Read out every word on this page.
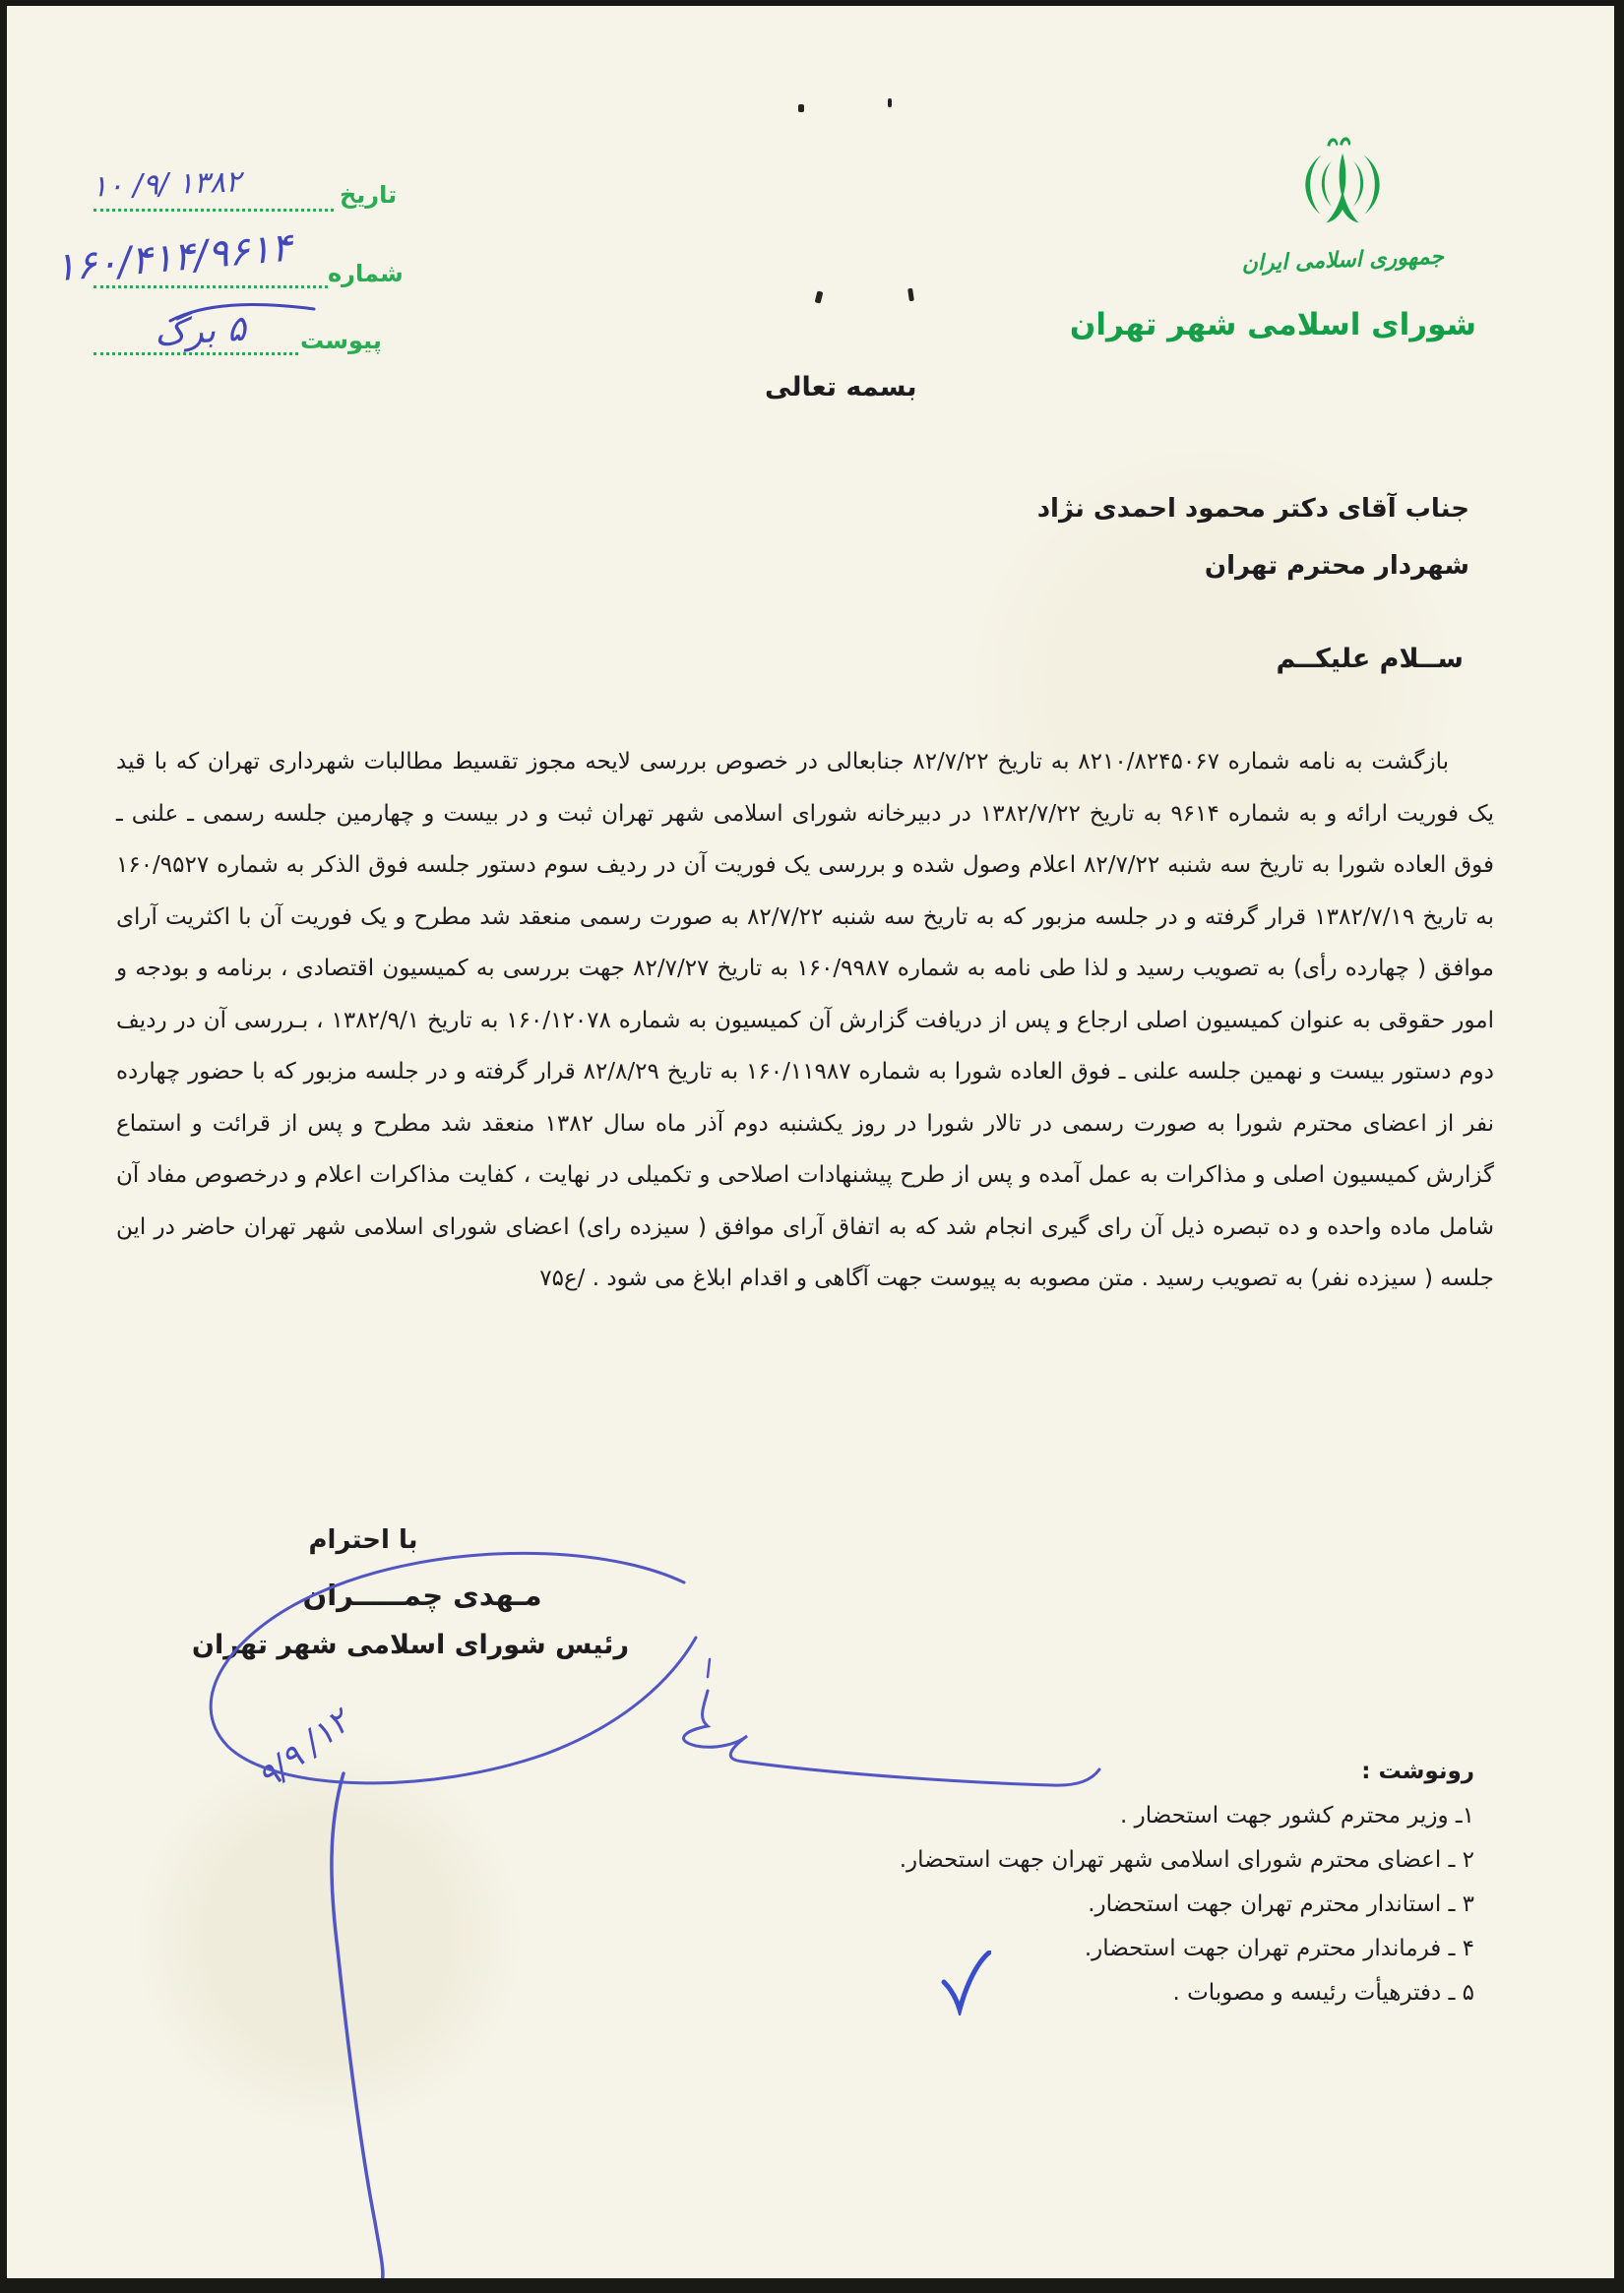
جمهوری اسلامی ایران
شورای اسلامی شهر تهران
تاریخ
۱۳۸۲ /۹/ ۱۰
شماره
۱۶۰/۴۱۴/۹۶۱۴
پیوست
۵ برگ
بسمه تعالی
جناب آقای دکتر محمود احمدی نژاد
شهردار محترم تهران
ســلام علیکــم

بازگشت به نامه شماره ۸۲۱۰/۸۲۴۵۰۶۷ به تاریخ ۸۲/۷/۲۲ جنابعالی در خصوص بررسی لایحه مجوز تقسیط مطالبات شهرداری تهران که با قید یک فوریت ارائه و به شماره ۹۶۱۴ به تاریخ ۱۳۸۲/۷/۲۲ در دبیرخانه شورای اسلامی شهر تهران ثبت و در بیست و چهارمین جلسه رسمی ـ علنی ـ فوق العاده شورا به تاریخ سه شنبه ۸۲/۷/۲۲ اعلام وصول شده و بررسی یک فوریت آن در ردیف سوم دستور جلسه فوق الذکر به شماره ۱۶۰/۹۵۲۷ به تاریخ ۱۳۸۲/۷/۱۹ قرار گرفته و در جلسه مزبور که به تاریخ سه شنبه ۸۲/۷/۲۲ به صورت رسمی منعقد شد مطرح و یک فوریت آن با اکثریت آرای موافق ( چهارده رأی) به تصویب رسید و لذا طی نامه به شماره ۱۶۰/۹۹۸۷ به تاریخ ۸۲/۷/۲۷ جهت بررسی به کمیسیون اقتصادی ، برنامه و بودجه و امور حقوقی به عنوان کمیسیون اصلی ارجاع و پس از دریافت گزارش آن کمیسیون به شماره ۱۶۰/۱۲۰۷۸ به تاریخ ۱۳۸۲/۹/۱ ، بـررسی آن در ردیف دوم دستور بیست و نهمین جلسه علنی ـ فوق العاده شورا به شماره ۱۶۰/۱۱۹۸۷ به تاریخ ۸۲/۸/۲۹ قرار گرفته و در جلسه مزبور که با حضور چهارده نفر از اعضای محترم شورا به صورت رسمی در تالار شورا در روز یکشنبه دوم آذر ماه سال ۱۳۸۲ منعقد شد مطرح و پس از قرائت و استماع گزارش کمیسیون اصلی و مذاکرات به عمل آمده و پس از طرح پیشنهادات اصلاحی و تکمیلی در نهایت ، کفایت مذاکرات اعلام و درخصوص مفاد آن شامل ماده واحده و ده تبصره ذیل آن رای گیری انجام شد که به اتفاق آرای موافق ( سیزده رای) اعضای شورای اسلامی شهر تهران حاضر در این جلسه ( سیزده نفر) به تصویب رسید . متن مصوبه به پیوست جهت آگاهی و اقدام ابلاغ می شود . /ع۷۵

با احترام
مـهدی چمـــــران
رئیس شورای اسلامی شهر تهران
۱۲/ ۹/۹
رونوشت :
۱ـ وزیر محترم کشور جهت استحضار .
۲ ـ اعضای محترم شورای اسلامی شهر تهران جهت استحضار.
۳ ـ استاندار محترم تهران جهت استحضار.
۴ ـ فرماندار محترم تهران جهت استحضار.
۵ ـ دفترهیأت رئیسه و مصوبات .
